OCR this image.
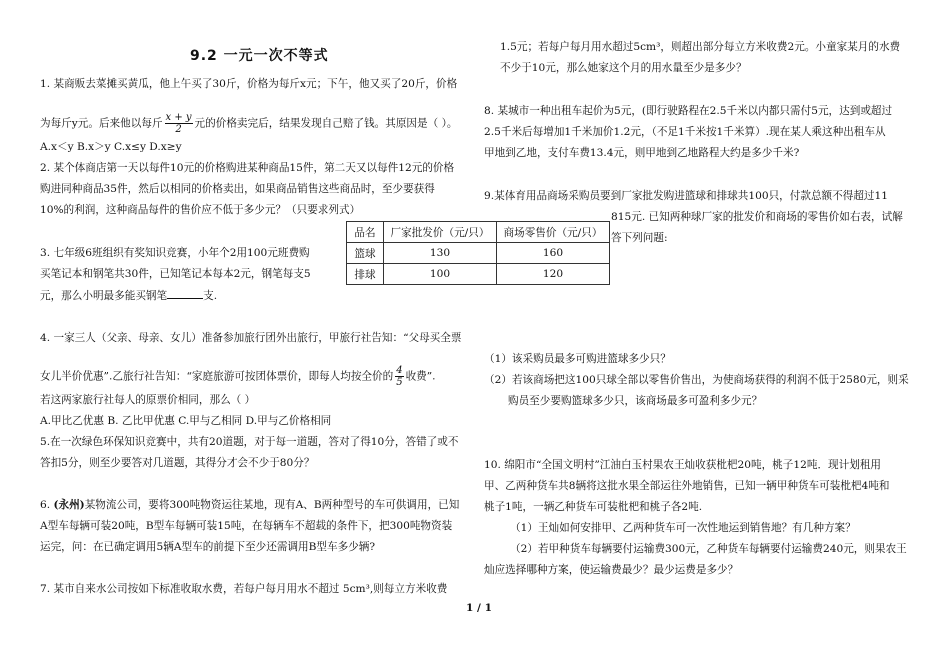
9.2 一元一次不等式
1. 某商贩去菜摊买黄瓜，他上午买了30斤，价格为每斤x元；下午，他又买了20斤，价格
为每斤y元。后来他以每斤 $\frac{x + y}{2}$ 元的价格卖完后，结果发现自己赔了钱。其原因是（ ）。
A.x＜y B.x＞y C.x≤y D.x≥y
2. 某个体商店第一天以每件10元的价格购进某种商品15件，第二天又以每件12元的价格
购进同种商品35件，然后以相同的价格卖出，如果商品销售这些商品时，至少要获得
10%的利润，这种商品每件的售价应不低于多少元？（只要求列式）
3. 七年级6班组织有奖知识竞赛，小年个2用100元班费购
买笔记本和钢笔共30件，已知笔记本每本2元，钢笔每支5
元，那么小明最多能买钢笔	支.
品名	厂家批发价（元/只）	商场零售价（元/只）
篮球	130	160
排球	100	120
4. 一家三人（父亲、母亲、女儿）准备参加旅行团外出旅行，甲旅行社告知：“父母买全票
女儿半价优惠”.乙旅行社告知：“家庭旅游可按团体票价，即每人均按全价的 $\frac{4}{5}$ 收费”.
若这两家旅行社每人的原票价相同，那么（ ）
A.甲比乙优惠 B. 乙比甲优惠 C.甲与乙相同 D.甲与乙价格相同
5.在一次绿色环保知识竞赛中，共有20道题，对于每一道题，答对了得10分，答错了或不
答扣5分，则至少要答对几道题，其得分才会不少于80分？
6. (永州)某物流公司，要将300吨物资运往某地，现有A、B两种型号的车可供调用，已知
A型车每辆可装20吨，B型车每辆可装15吨，在每辆车不超载的条件下，把300吨物资装
运完，问：在已确定调用5辆A型车的前提下至少还需调用B型车多少辆?
7. 某市自来水公司按如下标准收取水费，若每户每月用水不超过 5cm³,则每立方米收费
1.5元；若每户每月用水超过5cm³，则超出部分每立方米收费2元。小童家某月的水费
不少于10元，那么她家这个月的用水量至少是多少？
8. 某城市一种出租车起价为5元，(即行驶路程在2.5千米以内都只需付5元，达到或超过
2.5千米后每增加1千米加价1.2元，（不足1千米按1千米算）.现在某人乘这种出租车从
甲地到乙地，支付车费13.4元，则甲地到乙地路程大约是多少千米?
9.某体育用品商场采购员要到厂家批发购进篮球和排球共100只，付款总额不得超过11
815元. 已知两种球厂家的批发价和商场的零售价如右表，试解
答下列问题:
（1）该采购员最多可购进篮球多少只？
（2）若该商场把这100只球全部以零售价售出，为使商场获得的利润不低于2580元，则采
购员至少要购篮球多少只，该商场最多可盈利多少元？
10. 绵阳市“全国文明村”江油白玉村果农王灿收获枇杷20吨，桃子12吨．现计划租用
甲、乙两种货车共8辆将这批水果全部运往外地销售，已知一辆甲种货车可装枇杷4吨和
桃子1吨，一辆乙种货车可装枇杷和桃子各2吨.
（1）王灿如何安排甲、乙两种货车可一次性地运到销售地？有几种方案？
（2）若甲种货车每辆要付运输费300元，乙种货车每辆要付运输费240元，则果农王
灿应选择哪种方案，使运输费最少？最少运费是多少？
1 / 1
